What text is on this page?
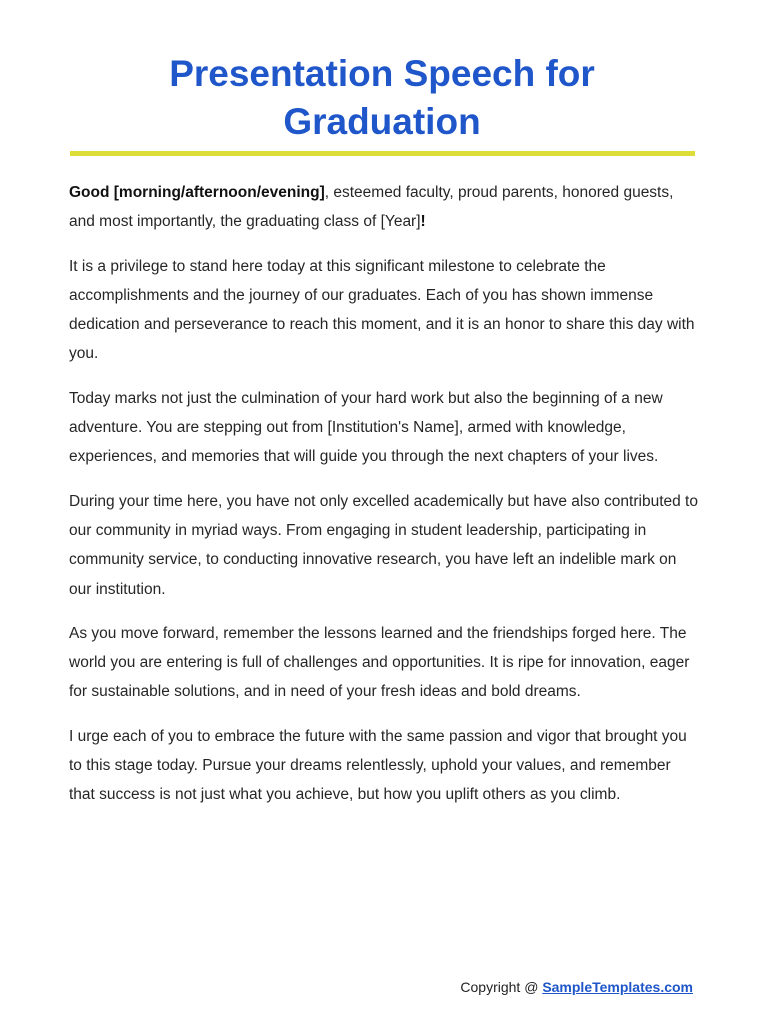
Presentation Speech for Graduation

Good [morning/afternoon/evening], esteemed faculty, proud parents, honored guests, and most importantly, the graduating class of [Year]!

It is a privilege to stand here today at this significant milestone to celebrate the accomplishments and the journey of our graduates. Each of you has shown immense dedication and perseverance to reach this moment, and it is an honor to share this day with you.

Today marks not just the culmination of your hard work but also the beginning of a new adventure. You are stepping out from [Institution's Name], armed with knowledge, experiences, and memories that will guide you through the next chapters of your lives.

During your time here, you have not only excelled academically but have also contributed to our community in myriad ways. From engaging in student leadership, participating in community service, to conducting innovative research, you have left an indelible mark on our institution.

As you move forward, remember the lessons learned and the friendships forged here. The world you are entering is full of challenges and opportunities. It is ripe for innovation, eager for sustainable solutions, and in need of your fresh ideas and bold dreams.

I urge each of you to embrace the future with the same passion and vigor that brought you to this stage today. Pursue your dreams relentlessly, uphold your values, and remember that success is not just what you achieve, but how you uplift others as you climb.

Copyright @ SampleTemplates.com
